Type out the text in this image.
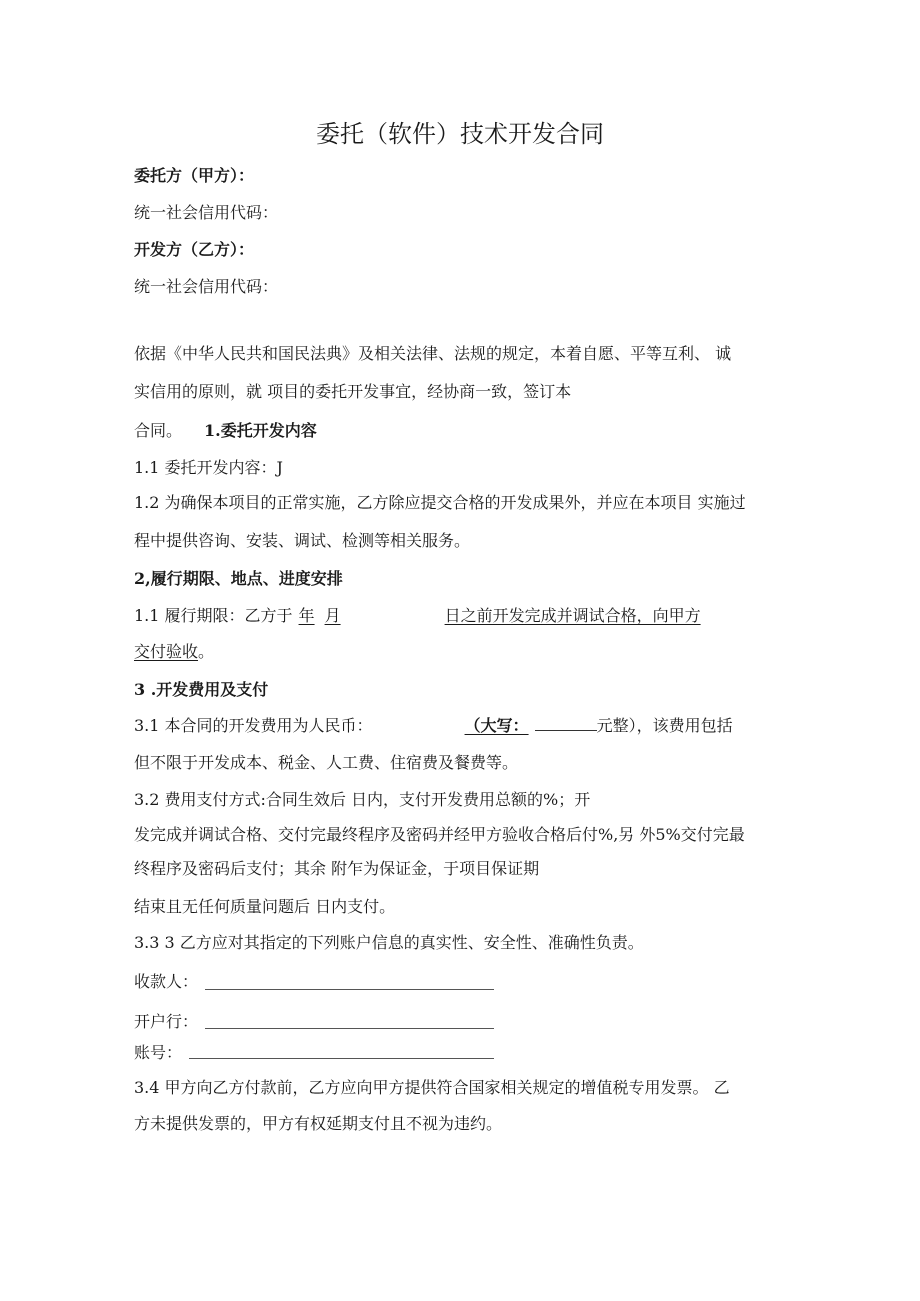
委托（软件）技术开发合同
委托方（甲方）：
统一社会信用代码：
开发方（乙方）：
统一社会信用代码：
依据《中华人民共和国民法典》及相关法律、法规的规定，本着自愿、平等互利、 诚
实信用的原则，就 项目的委托开发事宜，经协商一致，签订本
合同。 1.委托开发内容
1.1 委托开发内容：J
1.2 为确保本项目的正常实施，乙方除应提交合格的开发成果外，并应在本项目 实施过
程中提供咨询、安装、调试、检测等相关服务。
2,履行期限、地点、进度安排
1.1 履行期限：乙方于 年 月	日之前开发完成并调试合格，向甲方
交付验收。
3 .开发费用及支付
3.1 本合同的开发费用为人民币：	（大写：	元整），该费用包括
但不限于开发成本、税金、人工费、住宿费及餐费等。
3.2 费用支付方式:合同生效后 日内，支付开发费用总额的%；开
发完成并调试合格、交付完最终程序及密码并经甲方验收合格后付%,另 外5%交付完最
终程序及密码后支付；其余 附乍为保证金，于项目保证期
结束且无任何质量问题后 日内支付。
3.3 3 乙方应对其指定的下列账户信息的真实性、安全性、准确性负责。
收款人：
开户行：
账号：
3.4 甲方向乙方付款前，乙方应向甲方提供符合国家相关规定的增值税专用发票。 乙
方未提供发票的，甲方有权延期支付且不视为违约。
